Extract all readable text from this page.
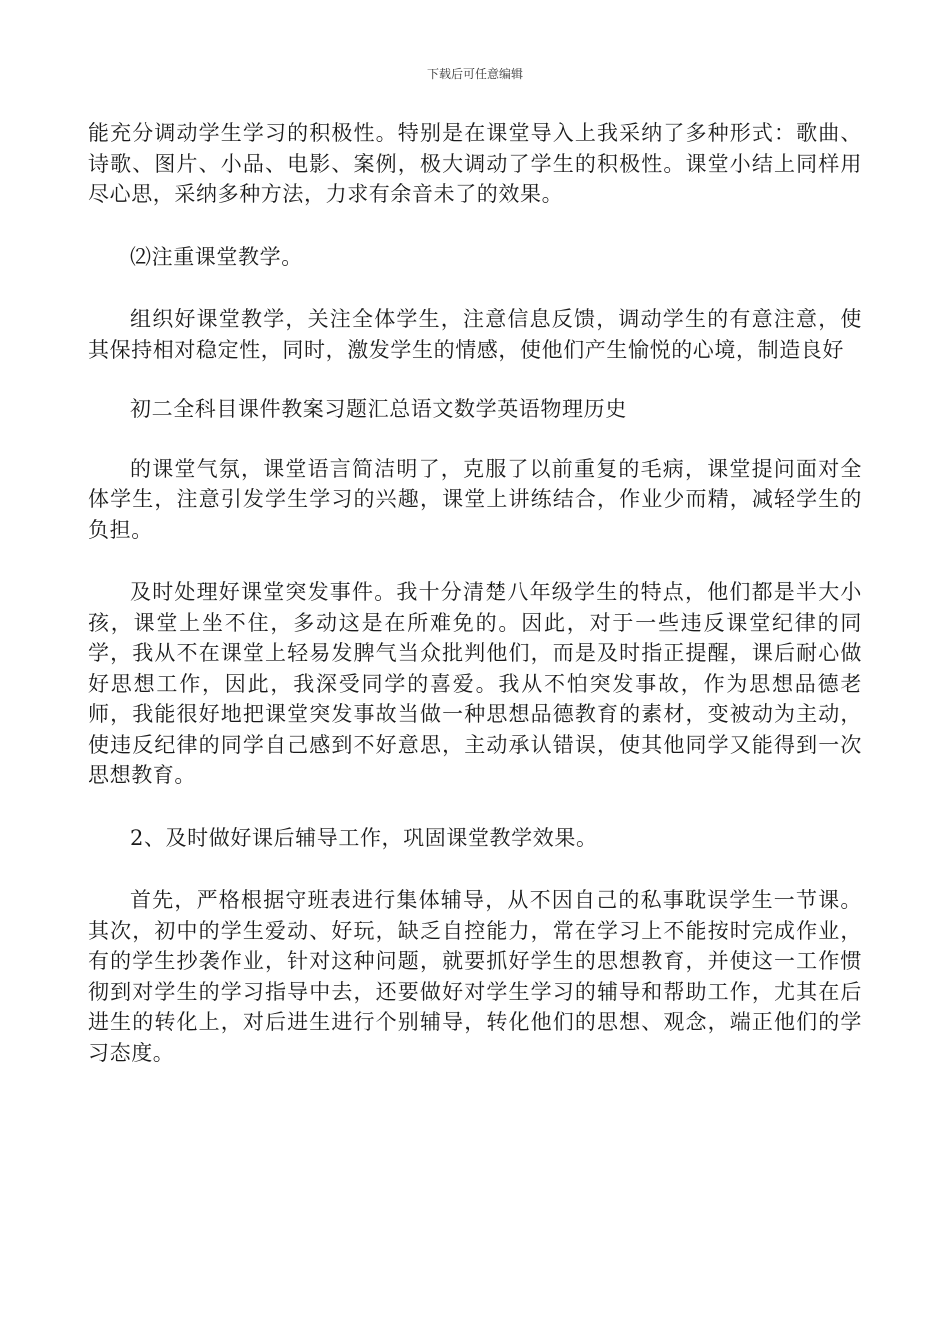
下载后可任意编辑

能充分调动学生学习的积极性。特别是在课堂导入上我采纳了多种形式：歌曲、诗歌、图片、小品、电影、案例，极大调动了学生的积极性。课堂小结上同样用尽心思，采纳多种方法，力求有余音未了的效果。

⑵注重课堂教学。

组织好课堂教学，关注全体学生，注意信息反馈，调动学生的有意注意，使其保持相对稳定性，同时，激发学生的情感，使他们产生愉悦的心境，制造良好

初二全科目课件教案习题汇总语文数学英语物理历史

的课堂气氛，课堂语言简洁明了，克服了以前重复的毛病，课堂提问面对全体学生，注意引发学生学习的兴趣，课堂上讲练结合，作业少而精，减轻学生的负担。

及时处理好课堂突发事件。我十分清楚八年级学生的特点，他们都是半大小孩，课堂上坐不住，多动这是在所难免的。因此，对于一些违反课堂纪律的同学，我从不在课堂上轻易发脾气当众批判他们，而是及时指正提醒，课后耐心做好思想工作，因此，我深受同学的喜爱。我从不怕突发事故，作为思想品德老师，我能很好地把课堂突发事故当做一种思想品德教育的素材，变被动为主动，使违反纪律的同学自己感到不好意思，主动承认错误，使其他同学又能得到一次思想教育。

2、及时做好课后辅导工作，巩固课堂教学效果。

首先，严格根据守班表进行集体辅导，从不因自己的私事耽误学生一节课。其次，初中的学生爱动、好玩，缺乏自控能力，常在学习上不能按时完成作业，有的学生抄袭作业，针对这种问题，就要抓好学生的思想教育，并使这一工作惯彻到对学生的学习指导中去，还要做好对学生学习的辅导和帮助工作，尤其在后进生的转化上，对后进生进行个别辅导，转化他们的思想、观念，端正他们的学习态度。
